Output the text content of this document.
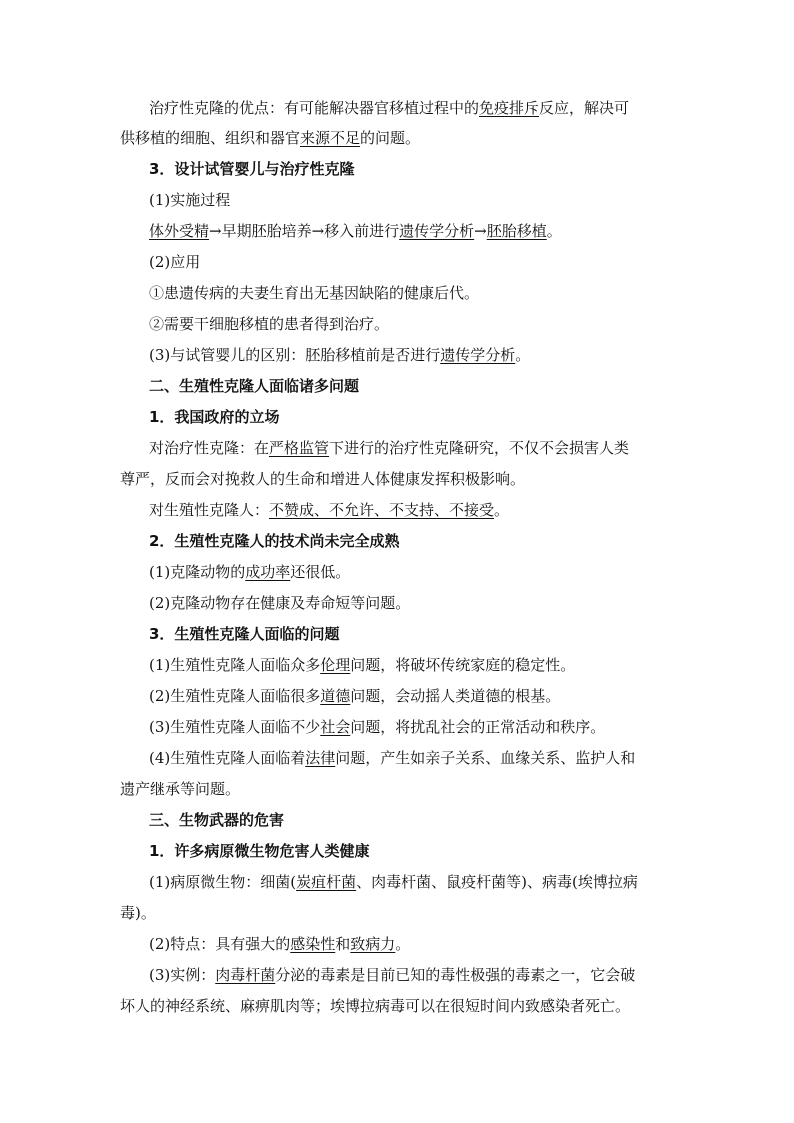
治疗性克隆的优点：有可能解决器官移植过程中的免疫排斥反应，解决可
供移植的细胞、组织和器官来源不足的问题。
3．设计试管婴儿与治疗性克隆
(1)实施过程
体外受精→早期胚胎培养→移入前进行遗传学分析→胚胎移植。
(2)应用
①患遗传病的夫妻生育出无基因缺陷的健康后代。
②需要干细胞移植的患者得到治疗。
(3)与试管婴儿的区别：胚胎移植前是否进行遗传学分析。
二、生殖性克隆人面临诸多问题
1．我国政府的立场
对治疗性克隆：在严格监管下进行的治疗性克隆研究，不仅不会损害人类
尊严，反而会对挽救人的生命和增进人体健康发挥积极影响。
对生殖性克隆人：不赞成、不允许、不支持、不接受。
2．生殖性克隆人的技术尚未完全成熟
(1)克隆动物的成功率还很低。
(2)克隆动物存在健康及寿命短等问题。
3．生殖性克隆人面临的问题
(1)生殖性克隆人面临众多伦理问题，将破坏传统家庭的稳定性。
(2)生殖性克隆人面临很多道德问题，会动摇人类道德的根基。
(3)生殖性克隆人面临不少社会问题，将扰乱社会的正常活动和秩序。
(4)生殖性克隆人面临着法律问题，产生如亲子关系、血缘关系、监护人和
遗产继承等问题。
三、生物武器的危害
1．许多病原微生物危害人类健康
(1)病原微生物：细菌(炭疽杆菌、肉毒杆菌、鼠疫杆菌等)、病毒(埃博拉病
毒)。
(2)特点：具有强大的感染性和致病力。
(3)实例：肉毒杆菌分泌的毒素是目前已知的毒性极强的毒素之一，它会破
坏人的神经系统、麻痹肌肉等；埃博拉病毒可以在很短时间内致感染者死亡。
